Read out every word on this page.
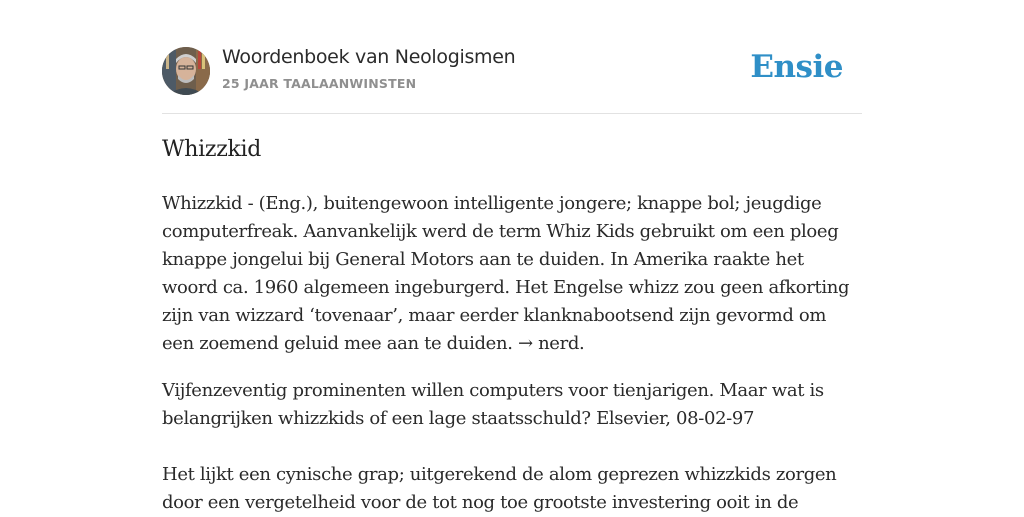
Woordenboek van Neologismen
25 JAAR TAALAANWINSTEN	Ensie
Whizzkid
Whizzkid - (Eng.), buitengewoon intelligente jongere; knappe bol; jeugdige computerfreak. Aanvankelijk werd de term Whiz Kids gebruikt om een ploeg knappe jongelui bij General Motors aan te duiden. In Amerika raakte het woord ca. 1960 algemeen ingeburgerd. Het Engelse whizz zou geen afkorting zijn van wizzard ‘tovenaar’, maar eerder klanknabootsend zijn gevormd om een zoemend geluid mee aan te duiden. → nerd.
Vijfenzeventig prominenten willen computers voor tienjarigen. Maar wat is belangrijken whizzkids of een lage staatsschuld? Elsevier, 08-02-97
Het lijkt een cynische grap; uitgerekend de alom geprezen whizzkids zorgen door een vergetelheid voor de tot nog toe grootste investering ooit in de
